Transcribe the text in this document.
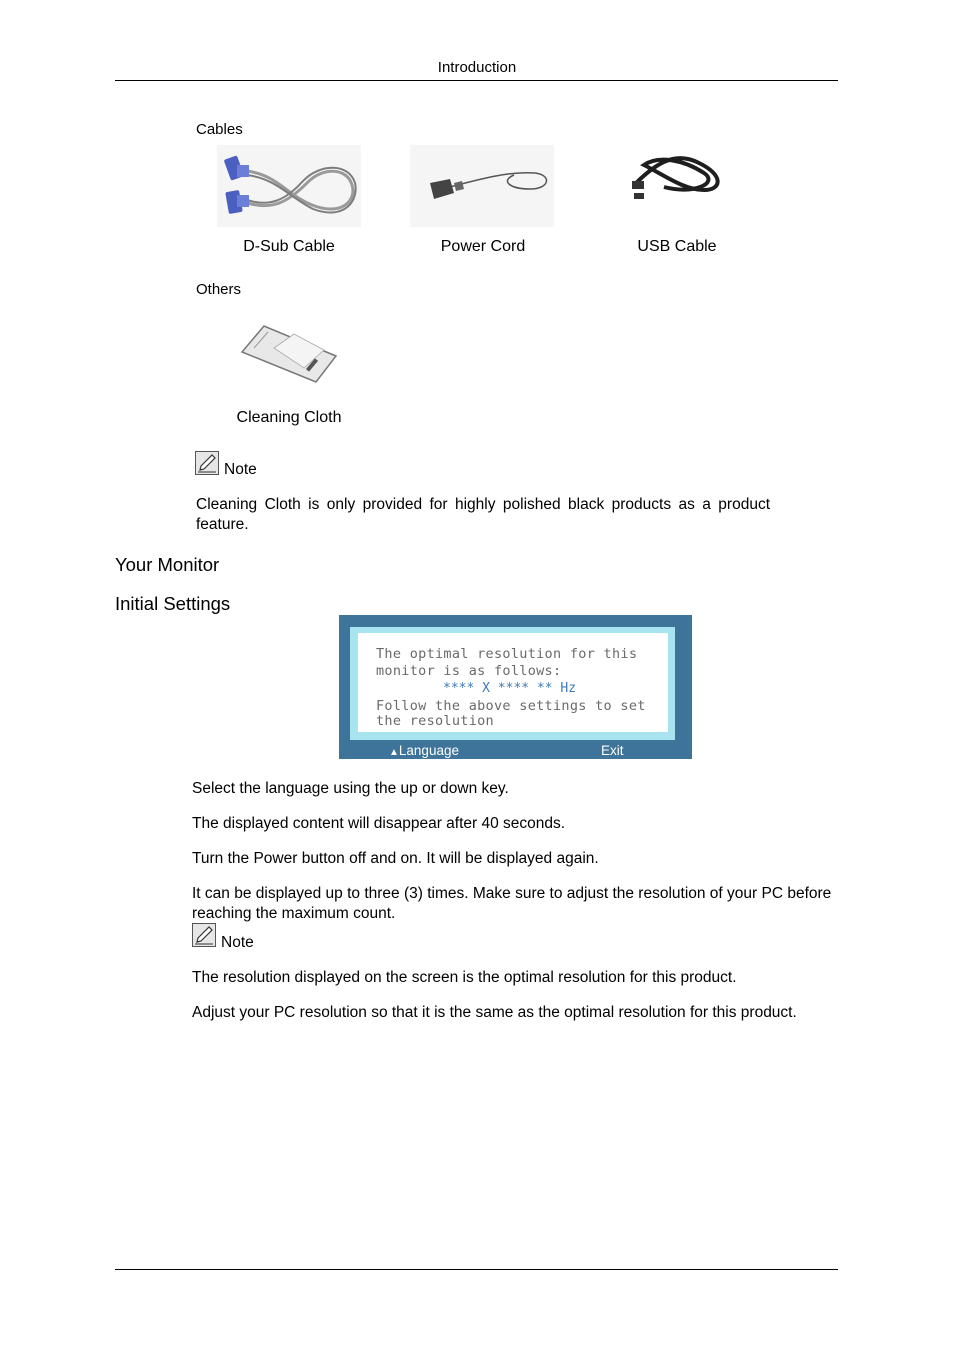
Introduction
Cables
D-Sub Cable	Power Cord	USB Cable
Others
Cleaning Cloth
Note
Cleaning Cloth is only provided for highly polished black products as a product feature.
Your Monitor
Initial Settings
The optimal resolution for this
monitor is as follows:
**** X **** ** Hz
Follow the above settings to set
the resolution
▲︎Language	Exit
Select the language using the up or down key.
The displayed content will disappear after 40 seconds.
Turn the Power button off and on. It will be displayed again.
It can be displayed up to three (3) times. Make sure to adjust the resolution of your PC before reaching the maximum count.
Note
The resolution displayed on the screen is the optimal resolution for this product.
Adjust your PC resolution so that it is the same as the optimal resolution for this product.
